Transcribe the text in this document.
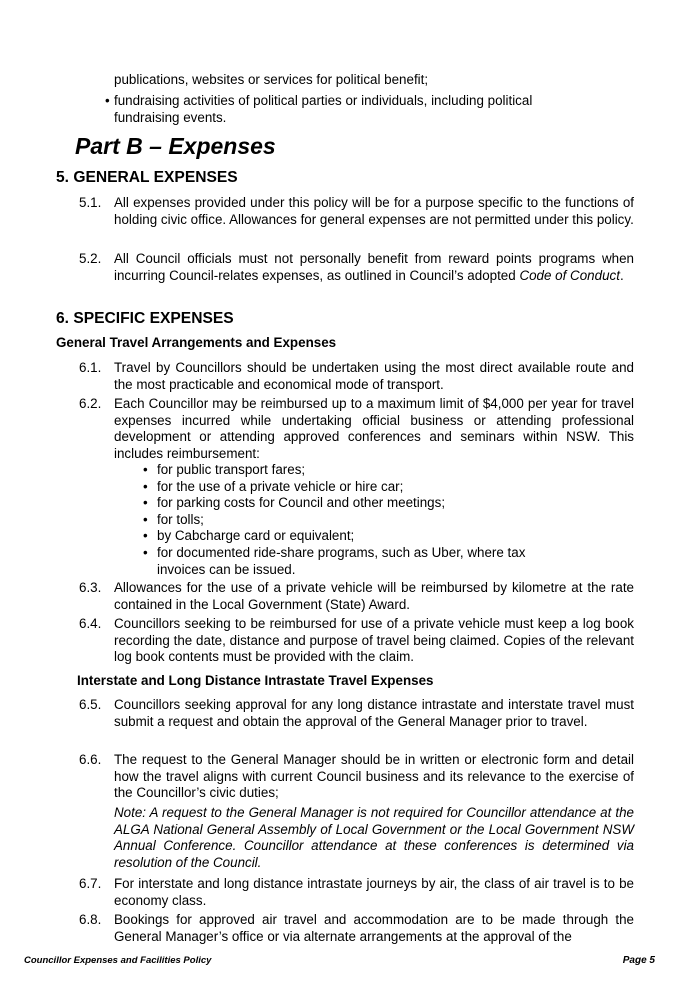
publications, websites or services for political benefit;
• fundraising activities of political parties or individuals, including political fundraising events.
Part B – Expenses
5. GENERAL EXPENSES
5.1. All expenses provided under this policy will be for a purpose specific to the functions of holding civic office. Allowances for general expenses are not permitted under this policy.
5.2. All Council officials must not personally benefit from reward points programs when incurring Council-relates expenses, as outlined in Council’s adopted Code of Conduct.
6. SPECIFIC EXPENSES
General Travel Arrangements and Expenses
6.1. Travel by Councillors should be undertaken using the most direct available route and the most practicable and economical mode of transport.
6.2. Each Councillor may be reimbursed up to a maximum limit of $4,000 per year for travel expenses incurred while undertaking official business or attending professional development or attending approved conferences and seminars within NSW. This includes reimbursement:
• for public transport fares;
• for the use of a private vehicle or hire car;
• for parking costs for Council and other meetings;
• for tolls;
• by Cabcharge card or equivalent;
• for documented ride-share programs, such as Uber, where tax invoices can be issued.
6.3. Allowances for the use of a private vehicle will be reimbursed by kilometre at the rate contained in the Local Government (State) Award.
6.4. Councillors seeking to be reimbursed for use of a private vehicle must keep a log book recording the date, distance and purpose of travel being claimed. Copies of the relevant log book contents must be provided with the claim.
Interstate and Long Distance Intrastate Travel Expenses
6.5. Councillors seeking approval for any long distance intrastate and interstate travel must submit a request and obtain the approval of the General Manager prior to travel.
6.6. The request to the General Manager should be in written or electronic form and detail how the travel aligns with current Council business and its relevance to the exercise of the Councillor’s civic duties;
Note: A request to the General Manager is not required for Councillor attendance at the ALGA National General Assembly of Local Government or the Local Government NSW Annual Conference. Councillor attendance at these conferences is determined via resolution of the Council.
6.7. For interstate and long distance intrastate journeys by air, the class of air travel is to be economy class.
6.8. Bookings for approved air travel and accommodation are to be made through the General Manager’s office or via alternate arrangements at the approval of the
Councillor Expenses and Facilities Policy	Page 5
